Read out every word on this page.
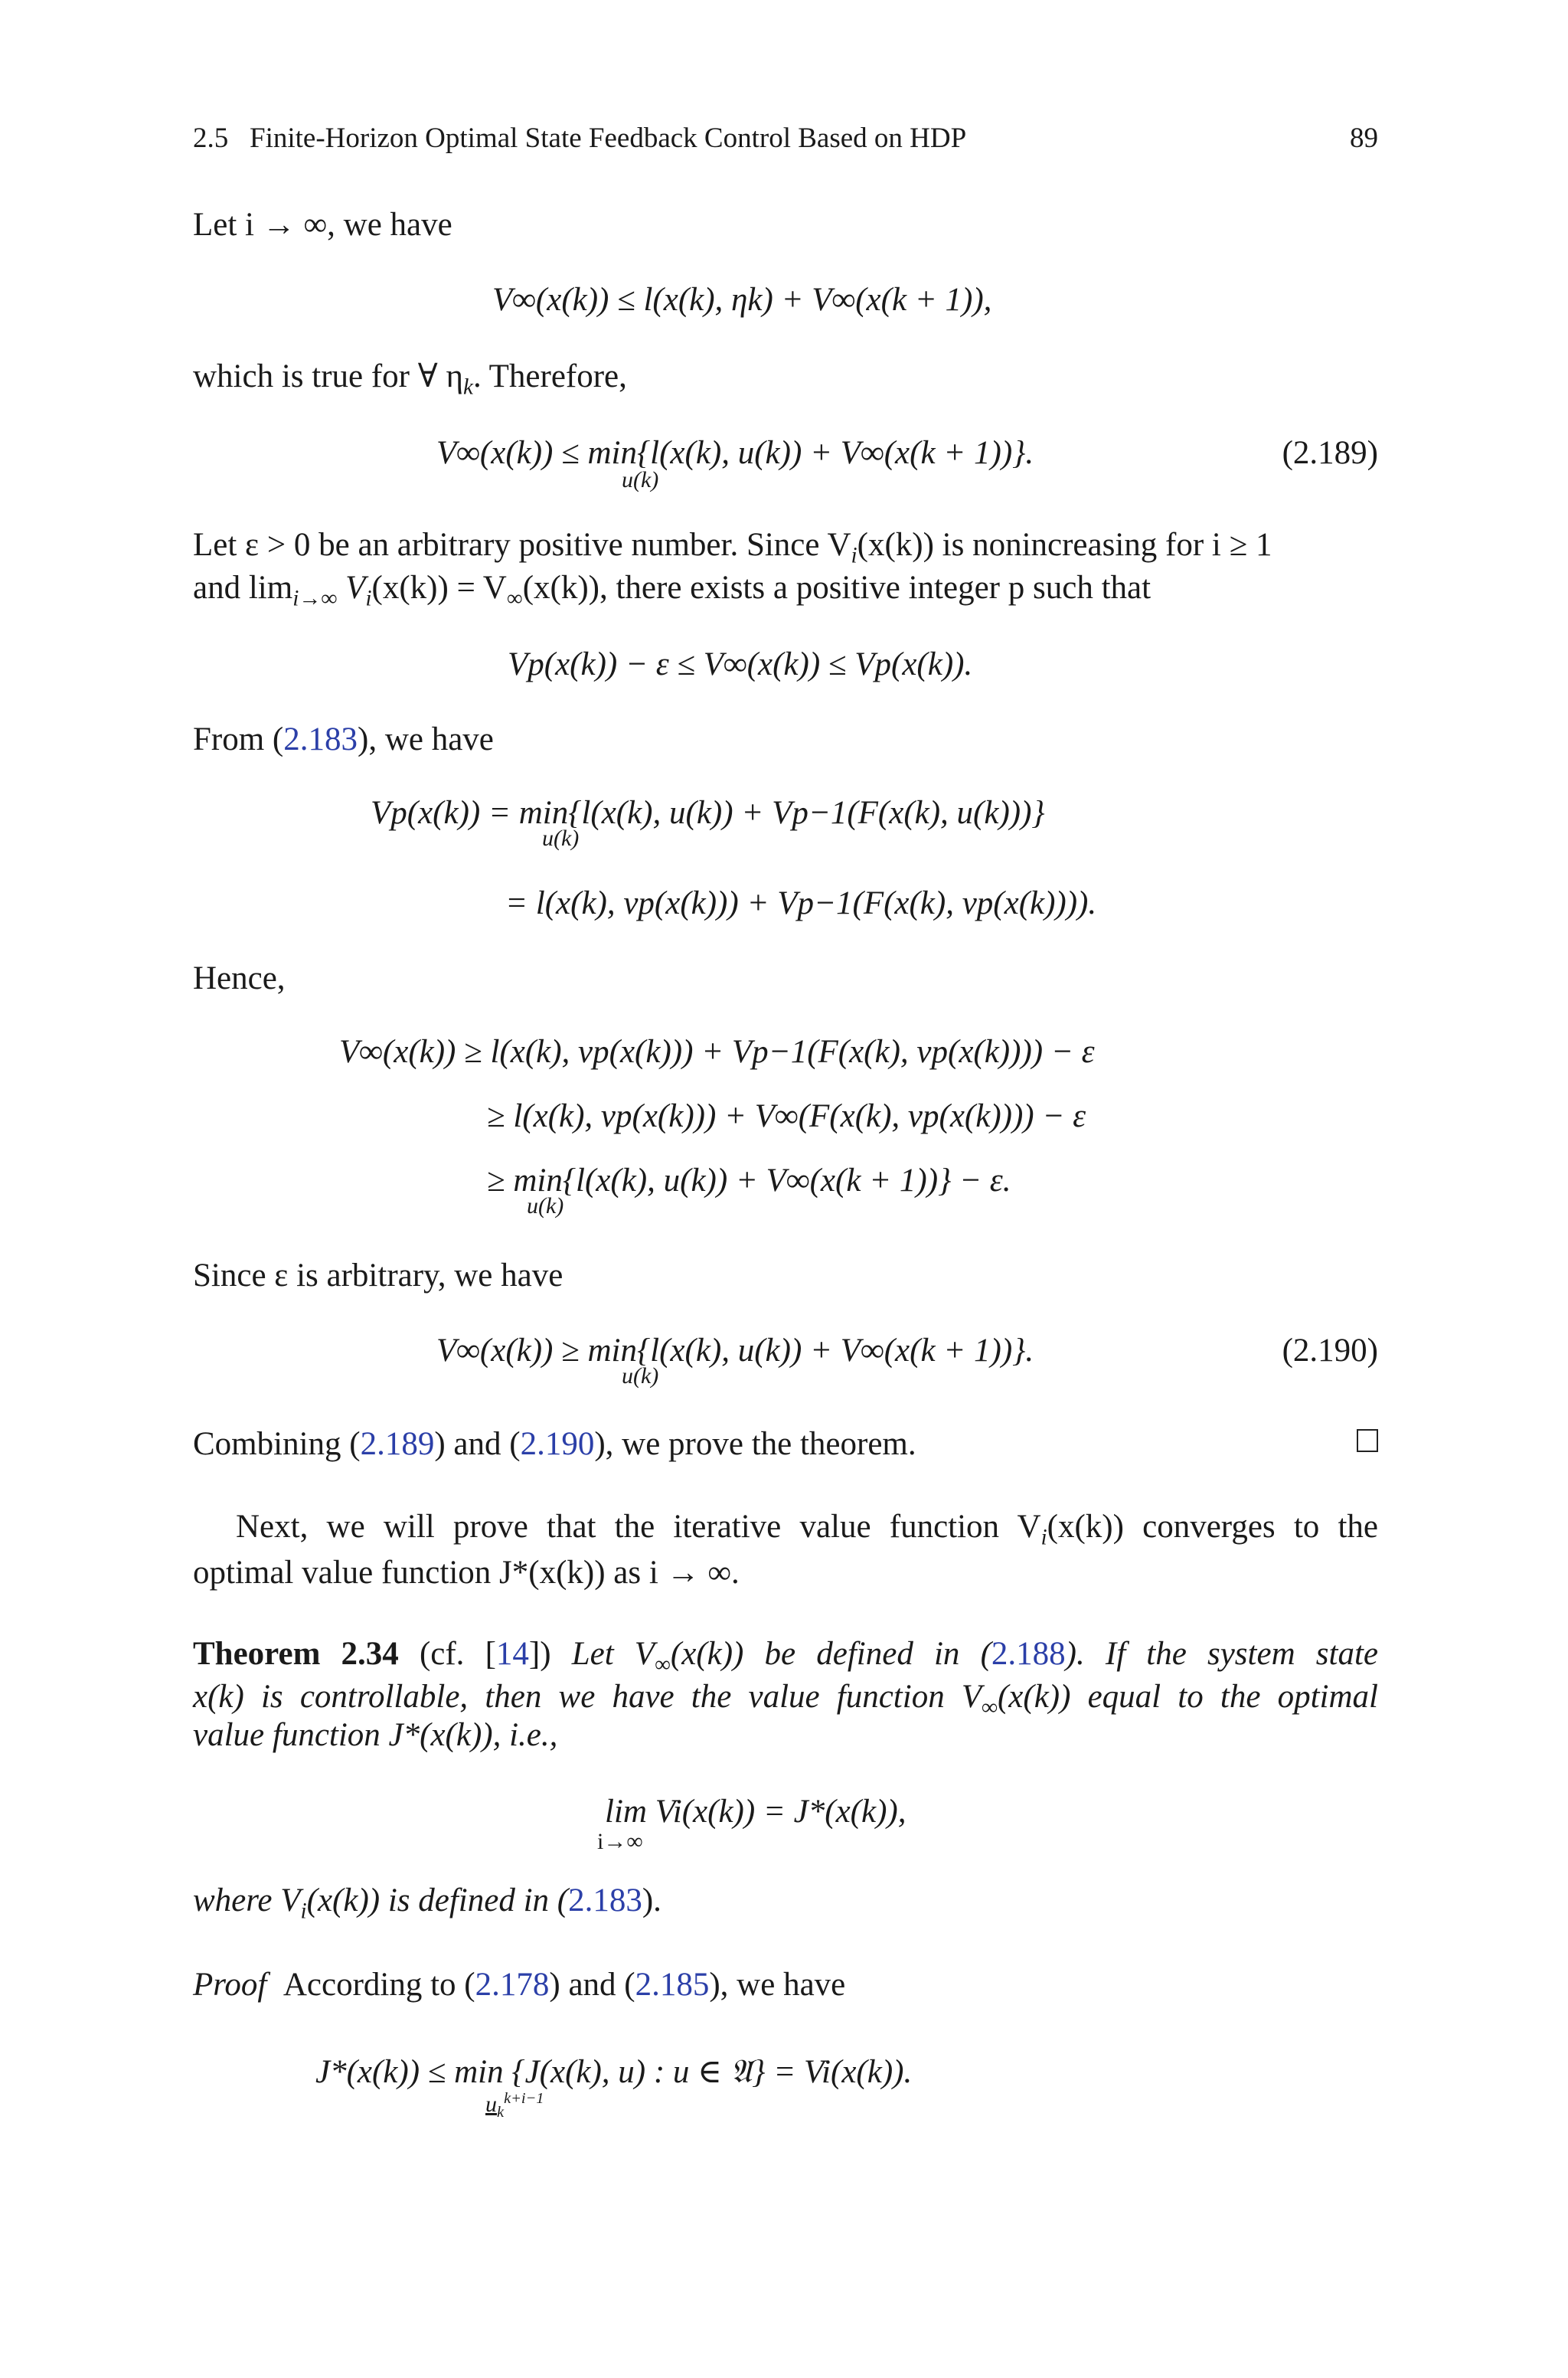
2.5 Finite-Horizon Optimal State Feedback Control Based on HDP	89
Let i → ∞, we have
V∞(x(k)) ≤ l(x(k), ηk) + V∞(x(k + 1)),
which is true for ∀ $\eta_k$. Therefore,
V∞(x(k)) ≤ min{l(x(k), u(k)) + V∞(x(k + 1))}.
u(k)
(2.189)
Let ε > 0 be an arbitrary positive number. Since $V_i(x(k))$ is nonincreasing for i ≥ 1
and $\lim_{i\to\infty} V_i(x(k)) = V_\infty(x(k))$, there exists a positive integer p such that
Vp(x(k)) − ε ≤ V∞(x(k)) ≤ Vp(x(k)).
From (2.183), we have
Vp(x(k)) = min{l(x(k), u(k)) + Vp−1(F(x(k), u(k)))}
u(k)
= l(x(k), vp(x(k))) + Vp−1(F(x(k), vp(x(k)))).
Hence,
V∞(x(k)) ≥ l(x(k), vp(x(k))) + Vp−1(F(x(k), vp(x(k)))) − ε
≥ l(x(k), vp(x(k))) + V∞(F(x(k), vp(x(k)))) − ε
≥ min{l(x(k), u(k)) + V∞(x(k + 1))} − ε.
u(k)
Since ε is arbitrary, we have
V∞(x(k)) ≥ min{l(x(k), u(k)) + V∞(x(k + 1))}.
u(k)
(2.190)
Combining (2.189) and (2.190), we prove the theorem.
Next, we will prove that the iterative value function $V_i(x(k))$ converges to the
optimal value function J*(x(k)) as i → ∞.
Theorem 2.34 (cf. [14]) Let $V_\infty(x(k))$ be defined in (2.188). If the system state
x(k) is controllable, then we have the value function $V_\infty(x(k))$ equal to the optimal
value function J*(x(k)), i.e.,
lim Vi(x(k)) = J*(x(k)),
i→∞
where $V_i(x(k))$ is defined in (2.183).
Proof According to (2.178) and (2.185), we have
J*(x(k)) ≤ min {J(x(k), u) : u ∈ 𝔄} = Vi(x(k)).
$u_k^{k+i-1}$
